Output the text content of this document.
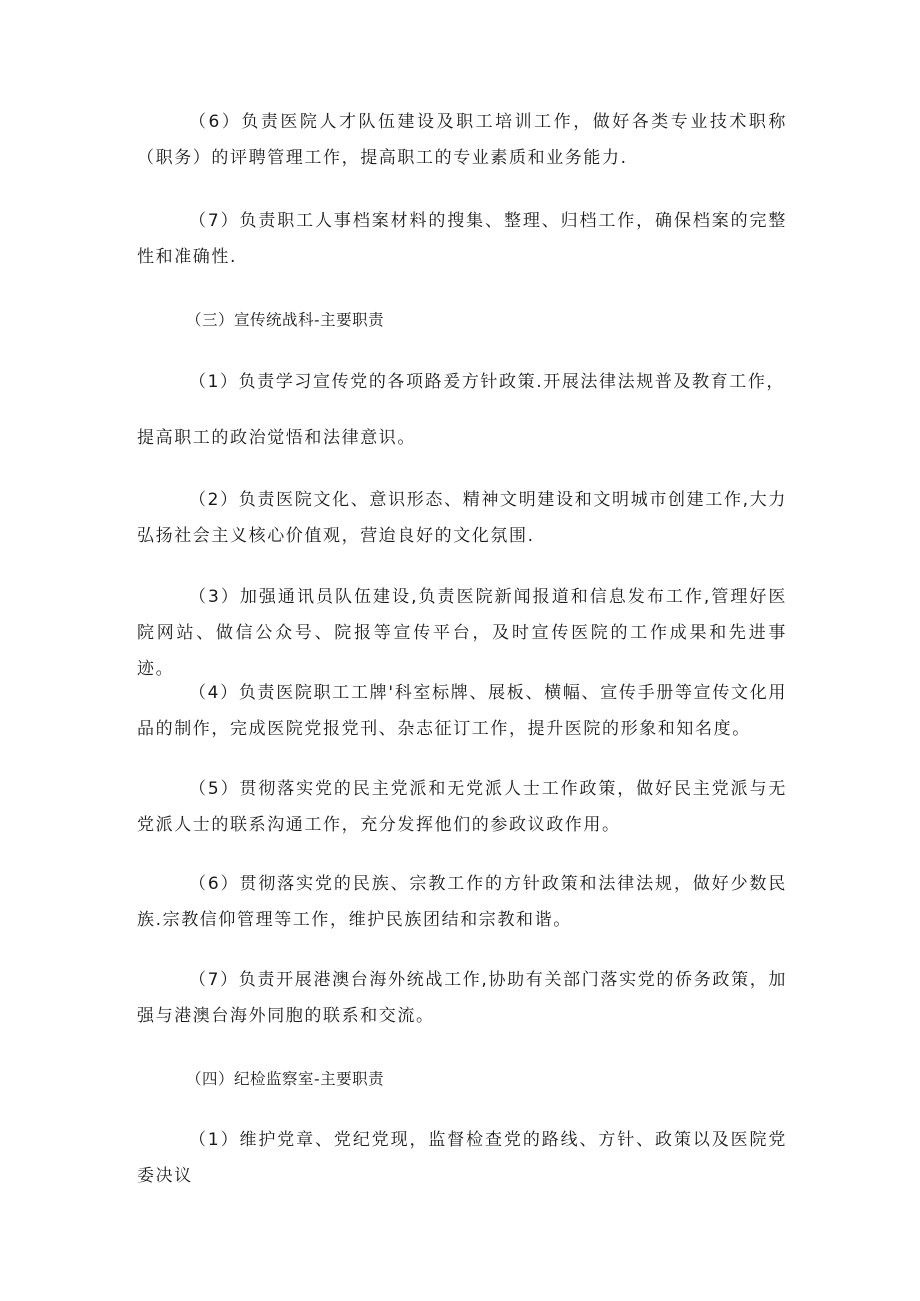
（6）负责医院人才队伍建设及职工培训工作，做好各类专业技术职称（职务）的评聘管理工作，提高职工的专业素质和业务能力.

（7）负责职工人事档案材料的搜集、整理、归档工作，确保档案的完整性和准确性.

（三）宣传统战科-主要职责

（1）负责学习宣传党的各项路爰方针政策.开展法律法规普及教育工作，

提高职工的政治觉悟和法律意识。

（2）负责医院文化、意识形态、精神文明建设和文明城市创建工作,大力弘扬社会主义核心价值观，营迨良好的文化氛围.

（3）加强通讯员队伍建设,负责医院新闻报道和信息发布工作,管理好医院网站、做信公众号、院报等宣传平台，及时宣传医院的工作成果和先进事迹。

（4）负责医院职工工牌'科室标牌、展板、横幅、宣传手册等宣传文化用品的制作，完成医院党报党刊、杂志征订工作，提升医院的形象和知名度。

（5）贯彻落实党的民主党派和无党派人士工作政策，做好民主党派与无党派人士的联系沟通工作，充分发挥他们的参政议政作用。

（6）贯彻落实党的民族、宗教工作的方针政策和法律法规，做好少数民族.宗教信仰管理等工作，维护民族团结和宗教和谐。

（7）负责开展港澳台海外统战工作,协助有关部门落实党的侨务政策，加强与港澳台海外同胞的联系和交流。

（四）纪检监察室-主要职责

（1）维护党章、党纪党现，监督检查党的路线、方针、政策以及医院党委决议
